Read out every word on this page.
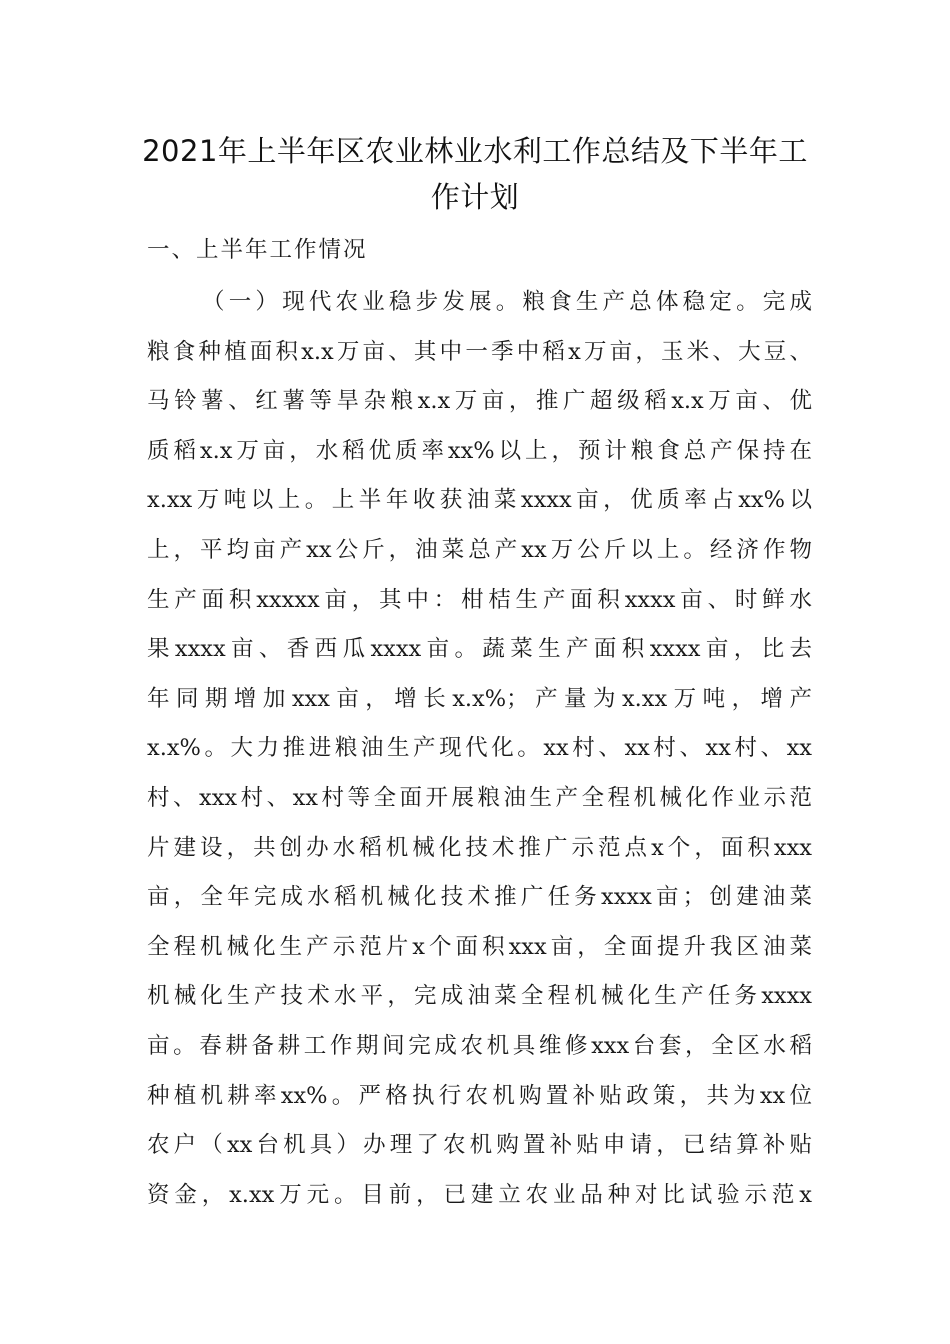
2021年上半年区农业林业水利工作总结及下半年工
作计划
一、上半年工作情况
（一）现代农业稳步发展。粮食生产总体稳定。完成
粮食种植面积x.x万亩、其中一季中稻x万亩，玉米、大豆、
马铃薯、红薯等旱杂粮x.x万亩，推广超级稻x.x万亩、优
质稻x.x万亩，水稻优质率xx%以上，预计粮食总产保持在
x.xx万吨以上。上半年收获油菜xxxx亩，优质率占xx%以
上，平均亩产xx公斤，油菜总产xx万公斤以上。经济作物
生产面积xxxxx亩，其中：柑桔生产面积xxxx亩、时鲜水
果xxxx亩、香西瓜xxxx亩。蔬菜生产面积xxxx亩，比去
年同期增加xxx亩，增长x.x%；产量为x.xx万吨，增产
x.x%。大力推进粮油生产现代化。xx村、xx村、xx村、xx
村、xxx村、xx村等全面开展粮油生产全程机械化作业示范
片建设，共创办水稻机械化技术推广示范点x个，面积xxx
亩，全年完成水稻机械化技术推广任务xxxx亩；创建油菜
全程机械化生产示范片x个面积xxx亩，全面提升我区油菜
机械化生产技术水平，完成油菜全程机械化生产任务xxxx
亩。春耕备耕工作期间完成农机具维修xxx台套，全区水稻
种植机耕率xx%。严格执行农机购置补贴政策，共为xx位
农户（xx台机具）办理了农机购置补贴申请，已结算补贴
资金，x.xx万元。目前，已建立农业品种对比试验示范x
